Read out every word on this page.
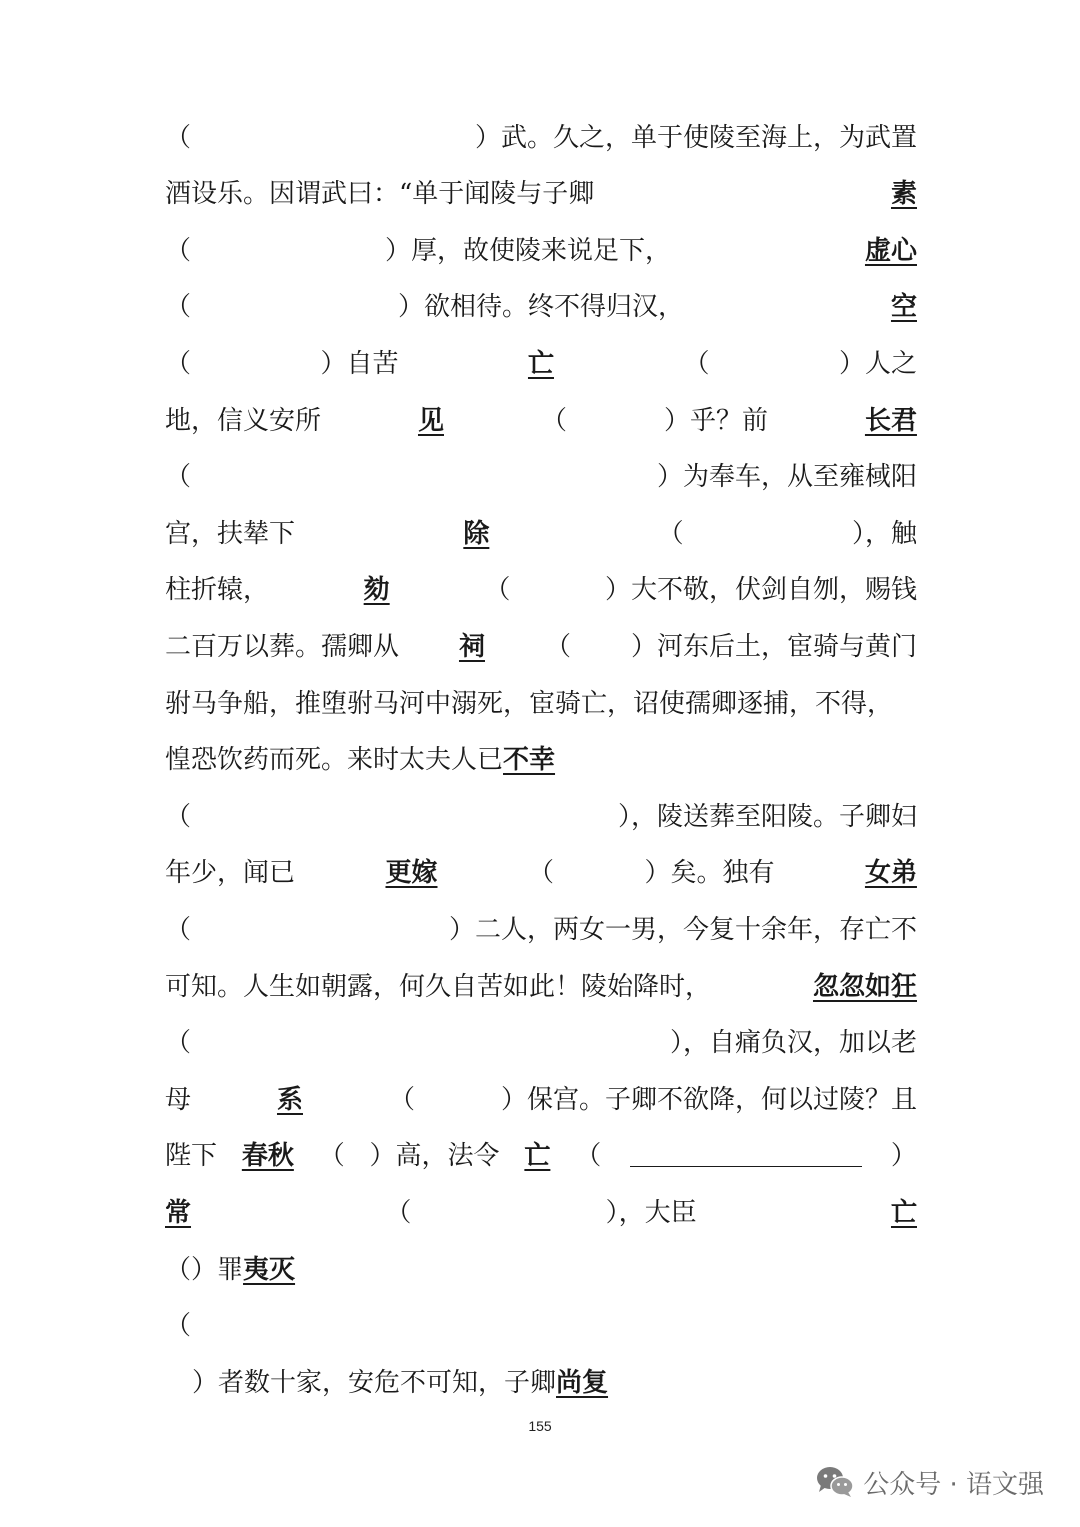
（	）武。久之，单于使陵至海上，为武置
酒设乐。因谓武曰：“单于闻陵与子卿	素
（	）厚，故使陵来说足下，	虚心
（	）欲相待。终不得归汉，	空
（	）自苦	亡	（	）人之
地，信义安所	见	（	）乎？前	长君
（	）为奉车，从至雍棫阳
宫，扶辇下	除	（	），触
柱折辕，	劾	（	）大不敬，伏剑自刎，赐钱
二百万以葬。孺卿从 祠 （ ）河东后土，宦骑与黄门
驸马争船，推堕驸马河中溺死，宦骑亡，诏使孺卿逐捕，不得，
惶恐饮药而死。来时太夫人已 不幸
（	），陵送葬至阳陵。子卿妇
年少，闻已	更嫁	（	）矣。独有	女弟
（	）二人，两女一男，今复十余年，存亡不
可知。人生如朝露，何久自苦如此！陵始降时，	忽忽如狂
（	），自痛负汉，加以老
母	系	（	）保宫。子卿不欲降，何以过陵？且
陛下 春秋 （ ）高，法令 亡 （	）
常	（	），大臣	亡
（ ）罪 夷灭
（
）者数十家，安危不可知，子卿 尚复
155
公众号 · 语文强
